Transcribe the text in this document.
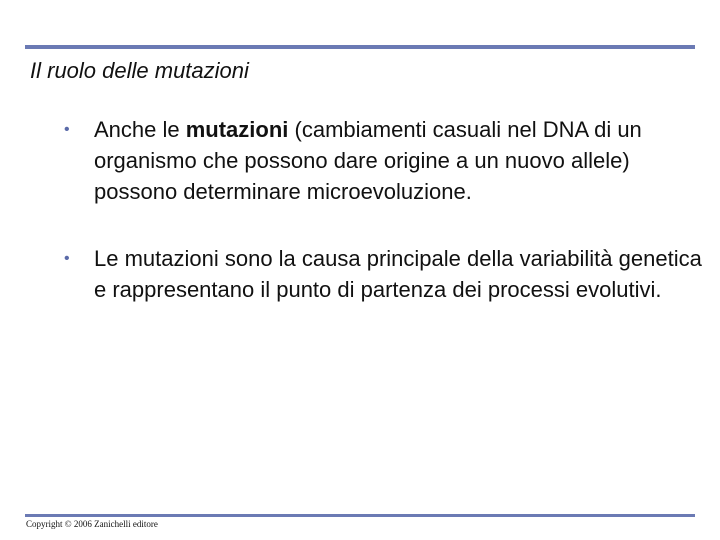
Il ruolo delle mutazioni
• Anche le mutazioni (cambiamenti casuali nel DNA di un organismo che possono dare origine a un nuovo allele) possono determinare microevoluzione.
• Le mutazioni sono la causa principale della variabilità genetica e rappresentano il punto di partenza dei processi evolutivi.
Copyright © 2006 Zanichelli editore
